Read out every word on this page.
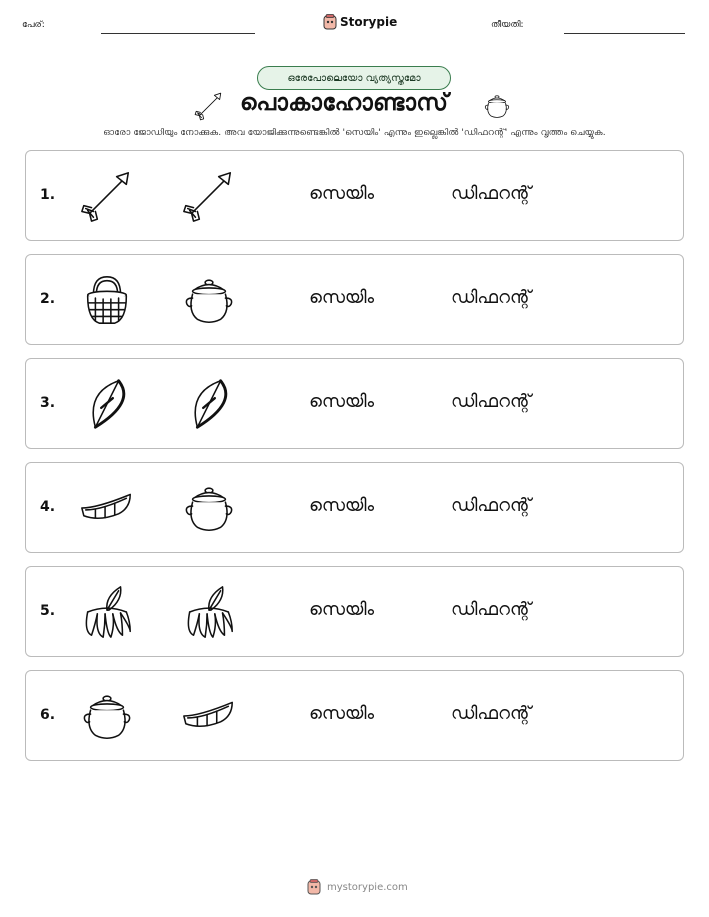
പേര്:	Storypie	തീയതി:
ഒരേപോലെയോ വ്യത്യസ്തമോ
പൊകാഹോണ്ടാസ്
ഓരോ ജോഡിയും നോക്കുക. അവ യോജിക്കുന്നുണ്ടെങ്കിൽ 'സെയിം' എന്നും ഇല്ലെങ്കിൽ 'ഡിഫറന്റ്' എന്നും വൃത്തം ചെയ്യുക.
1.	സെയിം	ഡിഫറന്റ്
2.	സെയിം	ഡിഫറന്റ്
3.	സെയിം	ഡിഫറന്റ്
4.	സെയിം	ഡിഫറന്റ്
5.	സെയിം	ഡിഫറന്റ്
6.	സെയിം	ഡിഫറന്റ്
mystorypie.com
